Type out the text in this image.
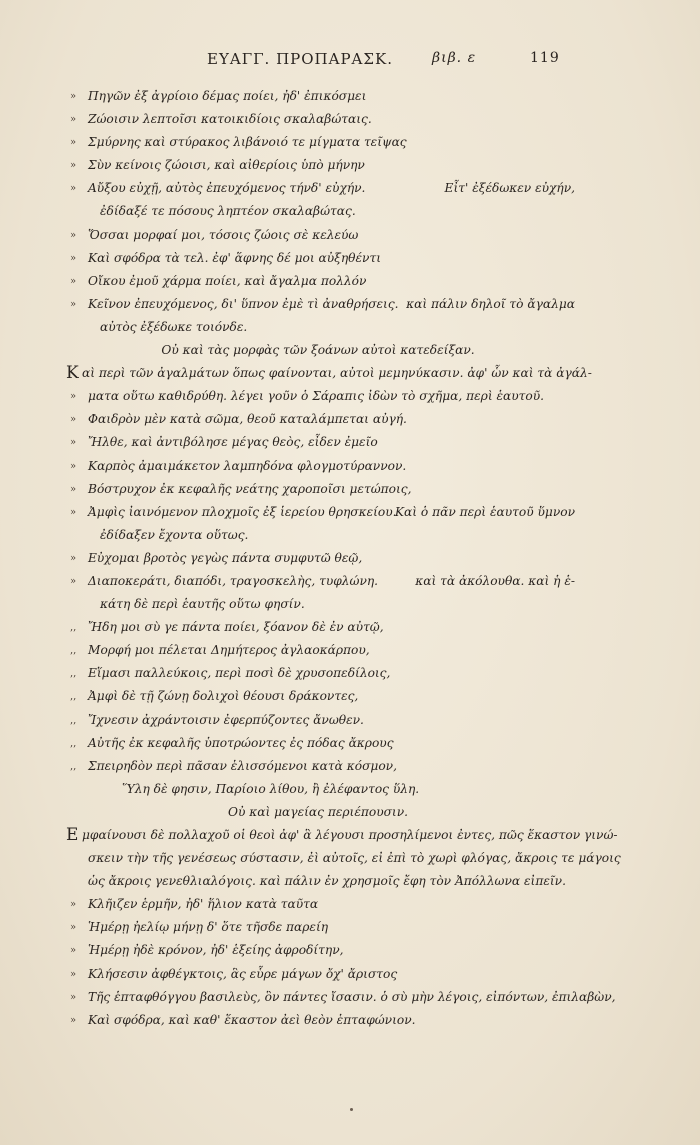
ΕΥΑΓΓ. ΠΡΟΠΑΡΑΣΚ.	βιβ. ε	119
» Πηγῶν ἐξ ἀγρίοιο δέμας ποίει, ἠδ' ἐπικόσμει
» Ζώοισιν λεπτοῖσι κατοικιδίοις σκαλαβώταις.
» Σμύρνης καὶ στύρακος λιβάνοιό τε μίγματα τεῖψας
» Σὺν κείνοις ζώοισι, καὶ αἰθερίοις ὑπὸ μήνην
» Αὔξου εὐχῇ, αὐτὸς ἐπευχόμενος τήνδ' εὐχήν.	Εἶτ' ἐξέδωκεν εὐχήν,
ἐδίδαξέ τε πόσους ληπτέον σκαλαβώτας.
» Ὅσσαι μορφαί μοι, τόσοις ζώοις σὲ κελεύω
» Καὶ σφόδρα τὰ τελ. ἐφ' ἅφνης δέ μοι αὐξηθέντι
» Οἴκου ἐμοῦ χάρμα ποίει, καὶ ἄγαλμα πολλόν
» Κεῖνον ἐπευχόμενος, δι' ὕπνον ἐμὲ τὶ ἀναθρήσεις. καὶ πάλιν δηλοῖ τὸ ἄγαλμα
αὐτὸς ἐξέδωκε τοιόνδε.
Οὐ καὶ τὰς μορφὰς τῶν ξοάνων αὐτοὶ κατεδείξαν.
Κ αὶ περὶ τῶν ἀγαλμάτων ὅπως φαίνονται, αὐτοὶ μεμηνύκασιν. ἀφ' ὧν καὶ τὰ ἀγάλ-
» ματα οὕτω καθιδρύθη. λέγει γοῦν ὁ Σάραπις ἰδὼν τὸ σχῆμα, περὶ ἑαυτοῦ.
» Φαιδρὸν μὲν κατὰ σῶμα, θεοῦ καταλάμπεται αὐγή.
» Ἤλθε, καὶ ἀντιβόλησε μέγας θεὸς, εἶδεν ἐμεῖο
» Καρπὸς ἀμαιμάκετον λαμπηδόνα φλογμοτύραννον.
» Βόστρυχον ἐκ κεφαλῆς νεάτης χαροποῖσι μετώποις,
» Ἀμφὶς ἰαινόμενον πλοχμοῖς ἐξ ἱερείου θρησκείου.
Καὶ ὁ πᾶν περὶ ἑαυτοῦ ὕμνον
ἐδίδαξεν ἔχοντα οὕτως.
» Εὐχομαι βροτὸς γεγὼς πάντα συμφυτῶ θεῷ,
» Διαποκεράτι, διαπόδι, τραγοσκελὴς, τυφλώνη.	καὶ τὰ ἀκόλουθα. καὶ ἡ ἑ-
κάτη δὲ περὶ ἑαυτῆς οὕτω φησίν.
,, Ἤδη μοι σὺ γε πάντα ποίει, ξόανον δὲ ἐν αὐτῷ,
,, Μορφή μοι πέλεται Δημήτερος ἀγλαοκάρπου,
,, Εἵμασι παλλεύκοις, περὶ ποσὶ δὲ χρυσοπεδίλοις,
,, Ἀμφὶ δὲ τῇ ζώνῃ δολιχοὶ θέουσι δράκοντες,
,, Ἴχνεσιν ἀχράντοισιν ἐφερπύζοντες ἄνωθεν.
,, Αὐτῆς ἐκ κεφαλῆς ὑποτρώοντες ἐς πόδας ἄκρους
,, Σπειρηδὸν περὶ πᾶσαν ἑλισσόμενοι κατὰ κόσμον,
Ὕλη δὲ φησιν, Παρίοιο λίθου, ἢ ἐλέφαντος ὕλη.
Οὐ καὶ μαγείας περιέπουσιν.
Ε μφαίνουσι δὲ πολλαχοῦ οἱ θεοὶ ἀφ' ἃ λέγουσι προσηλίμενοι ἐντες, πῶς ἕκαστον γινώ-
σκειν τὴν τῆς γενέσεως σύστασιν, ἐὶ αὐτοῖς, εἰ ἐπὶ τὸ χωρὶ φλόγας, ἄκροις τε μάγοις
ὡς ἄκροις γενεθλιαλόγοις. καὶ πάλιν ἐν χρησμοῖς ἔφη τὸν Ἀπόλλωνα εἰπεῖν.
» Κλῆιζεν ἑρμῆν, ἠδ' ἥλιον κατὰ ταῦτα
» Ἡμέρῃ ἠελίῳ μήνῃ δ' ὅτε τῆσδε παρείη
» Ἡμέρῃ ἠδὲ κρόνον, ἠδ' ἑξείης ἀφροδίτην,
» Κλήσεσιν ἀφθέγκτοις, ἃς εὗρε μάγων ὄχ' ἄριστος
» Τῆς ἑπταφθόγγου βασιλεὺς, ὃν πάντες ἴσασιν. ὁ σὺ μὴν λέγοις, εἰπόντων, ἐπιλαβὼν,
» Καὶ σφόδρα, καὶ καθ' ἕκαστον ἀεὶ θεὸν ἑπταφώνιον.
